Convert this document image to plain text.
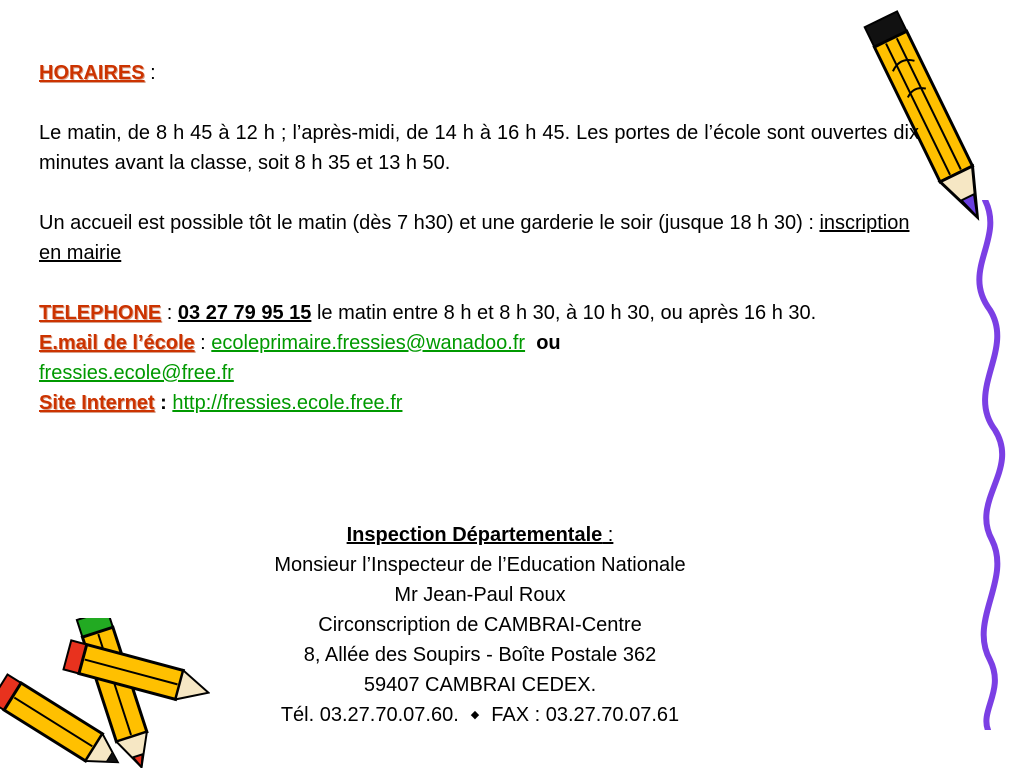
HORAIRES :

Le matin, de 8 h 45 à 12 h ; l’après-midi, de 14 h à 16 h 45. Les portes de l’école sont ouvertes dix minutes avant la classe, soit 8 h 35 et 13 h 50.

Un accueil est possible tôt le matin (dès 7 h30) et une garderie le soir (jusque 18 h 30) : inscription en mairie

TELEPHONE : 03 27 79 95 15 le matin entre 8 h et 8 h 30, à 10 h 30, ou après 16 h 30.

E.mail de l’école : ecoleprimaire.fressies@wanadoo.fr ou
fressies.ecole@free.fr

Site Internet : http://fressies.ecole.free.fr

Inspection Départementale :

Monsieur l’Inspecteur de l’Education Nationale

Mr Jean-Paul Roux

Circonscription de CAMBRAI-Centre

8, Allée des Soupirs - Boîte Postale 362

59407 CAMBRAI CEDEX.

Tél. 03.27.70.07.60. ◆ FAX : 03.27.70.07.61
